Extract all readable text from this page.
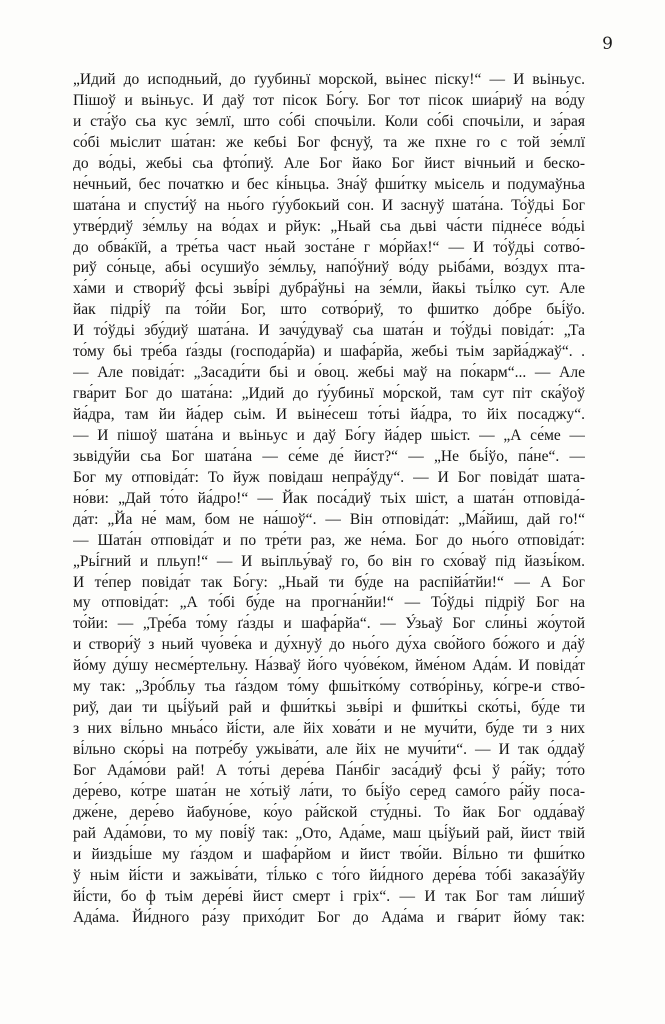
9
„Идий до исподньий, до ґуубиньї морской, вьінес піску!“ — И вьіньус.
Пішоў и вьіньус. И даў тот пісок Бо́гу. Бог тот пісок шиа́риў на во́ду
и ста́ўо сьа кус зе́млї, што со́бі спочьіли. Коли со́бі спочьіли, и за́рая
со́бі мьіслит ша́тан: же кебьі Бог фснуў, та же пхне го с той зе́млї
до во́дьі, жебьі сьа фто́пиў. Але Бог йако Бог йист вічньий и беско-
не́чньий, бес початкю и бес кі́ньцьа. Зна́ў фши́тку мьісель и подумаўньа
шата́на и спусти́ў на ньо́го ґу́убокьий сон. И заснуў шата́на. То́ўдьі Бог
утве́рдиў зе́мльу на во́дах и рйук: „Ньай сьа дьві ча́сти підне́се во́дьі
до обва́кїй, а тре́тьа част ньай зоста́не г мо́рйах!“ — И то́ўдьі сотво́-
риў со́ньце, абьі осушиўо зе́мльу, напо́ўниў во́ду рьіба́ми, во́здух пта-
ха́ми и створи́ў фсьі зьві́рі дубра́ўньі на зе́мли, йакьі тьі́лко сут. Але
йак підрі́ў па то́йи Бог, што сотво́риў, то фшитко до́бре бьі́ўо.
И то́ўдьі збу́диў шата́на. И зачу́дуваў сьа шата́н и то́ўдьі повіда́т: „Та
то́му бьі тре́ба ґа́зды (господа́рйа) и шафа́рйа, жебьі тьім зарйа́джаў“. .
— Але повіда́т: „Засади́ти бьі и о́воц. жебьі маў на по́карм“... — Але
гва́рит Бог до шата́на: „Идий до ґу́убиньї мо́рской, там сут піт ска́ўоў
йа́дра, там йи йа́дер сьім. И вьіне́сеш то́тьі йа́дра, то йіх посаджу“.
— И пішоў шата́на и вьіньус и даў Бо́гу йа́дер шьіст. — „А се́ме —
зьвіду́йи сьа Бог шата́на — се́ме де́ йист?“ — „Не бьі́ўо, па́не“. —
Бог му отповіда́т: То йуж повідаш непра́ўду“. — И Бог повіда́т шата-
но́ви: „Дай то́то йа́дро!“ — Йак поса́диў тьіх шіст, а шата́н отповіда́-
да́т: „Йа не́ мам, бом не на́шоў“. — Він отповіда́т: „Ма́йиш, дай го!“
— Шата́н отповіда́т и по тре́ти раз, же не́ма. Бог до ньо́го отповіда́т:
„Рьі́гний и пльуп!“ — И вьіпльу́ваў го, бо він го схо́ваў під йазьі́ком.
И те́пер повіда́т так Бо́гу: „Ньай ти бу́де на распійа́тйи!“ — А Бог
му отповіда́т: „А то́бі бу́де на прогна́нйи!“ — То́ўдьі підріў Бог на
то́йи: — „Тре́ба то́му ґа́зды и шафа́рйа“. — У́зьаў Бог сли́ньі жо́утой
и створи́ў з ньий чуо́ве́ка и ду́хнуў до ньо́го ду́ха сво́його бо́жого и да́ў
йо́му ду́шу несме́ртельну. На́зваў йо́го чуо́ве́ком, йме́ном Ада́м. И повіда́т
му так: „Зро́бльу тьа ґа́здом то́му фшьітко́му сотво́ріньу, ко́гре-и ство́-
риў, даи ти цьі́ўьий рай и фши́ткьі зьві́рі и фши́ткьі ско́тьі, бу́де ти
з них ві́льно мньа́со йі́сти, але йіх хова́ти и не мучи́ти, бу́де ти з них
ві́льно ско́рьі на потре́бу ужьіва́ти, але йіх не мучи́ти“. — И так о́ддаў
Бог Ада́мо́ви рай! А то́тьі дере́ва Па́нбіг заса́диў фсьі ў ра́йу; то́то
де́ре́во, ко́тре шата́н не хо́тьіў ла́ти, то бьі́ўо серед само́го ра́йу поса-
дже́не, дере́во йабуно́ве, ко́уо ра́йской сту́дньі. То йак Бог одда́ваў
рай Ада́мо́ви, то му пові́ў так: „Ото, Ада́ме, маш цьі́ўьий рай, йист твій
и йиздьі́ше му ґа́здом и шафа́рйом и йист тво́йи. Ві́льно ти фши́тко
ў ньім йі́сти и зажьіва́ти, ті́лько с то́го йи́дного дере́ва то́бі заказа́ўйу
йі́сти, бо ф тьім дере́ві йист смерт і гріх“. — И так Бог там ли́шиў
Ада́ма. Йи́дного ра́зу прихо́дит Бог до Ада́ма и гва́рит йо́му так:
